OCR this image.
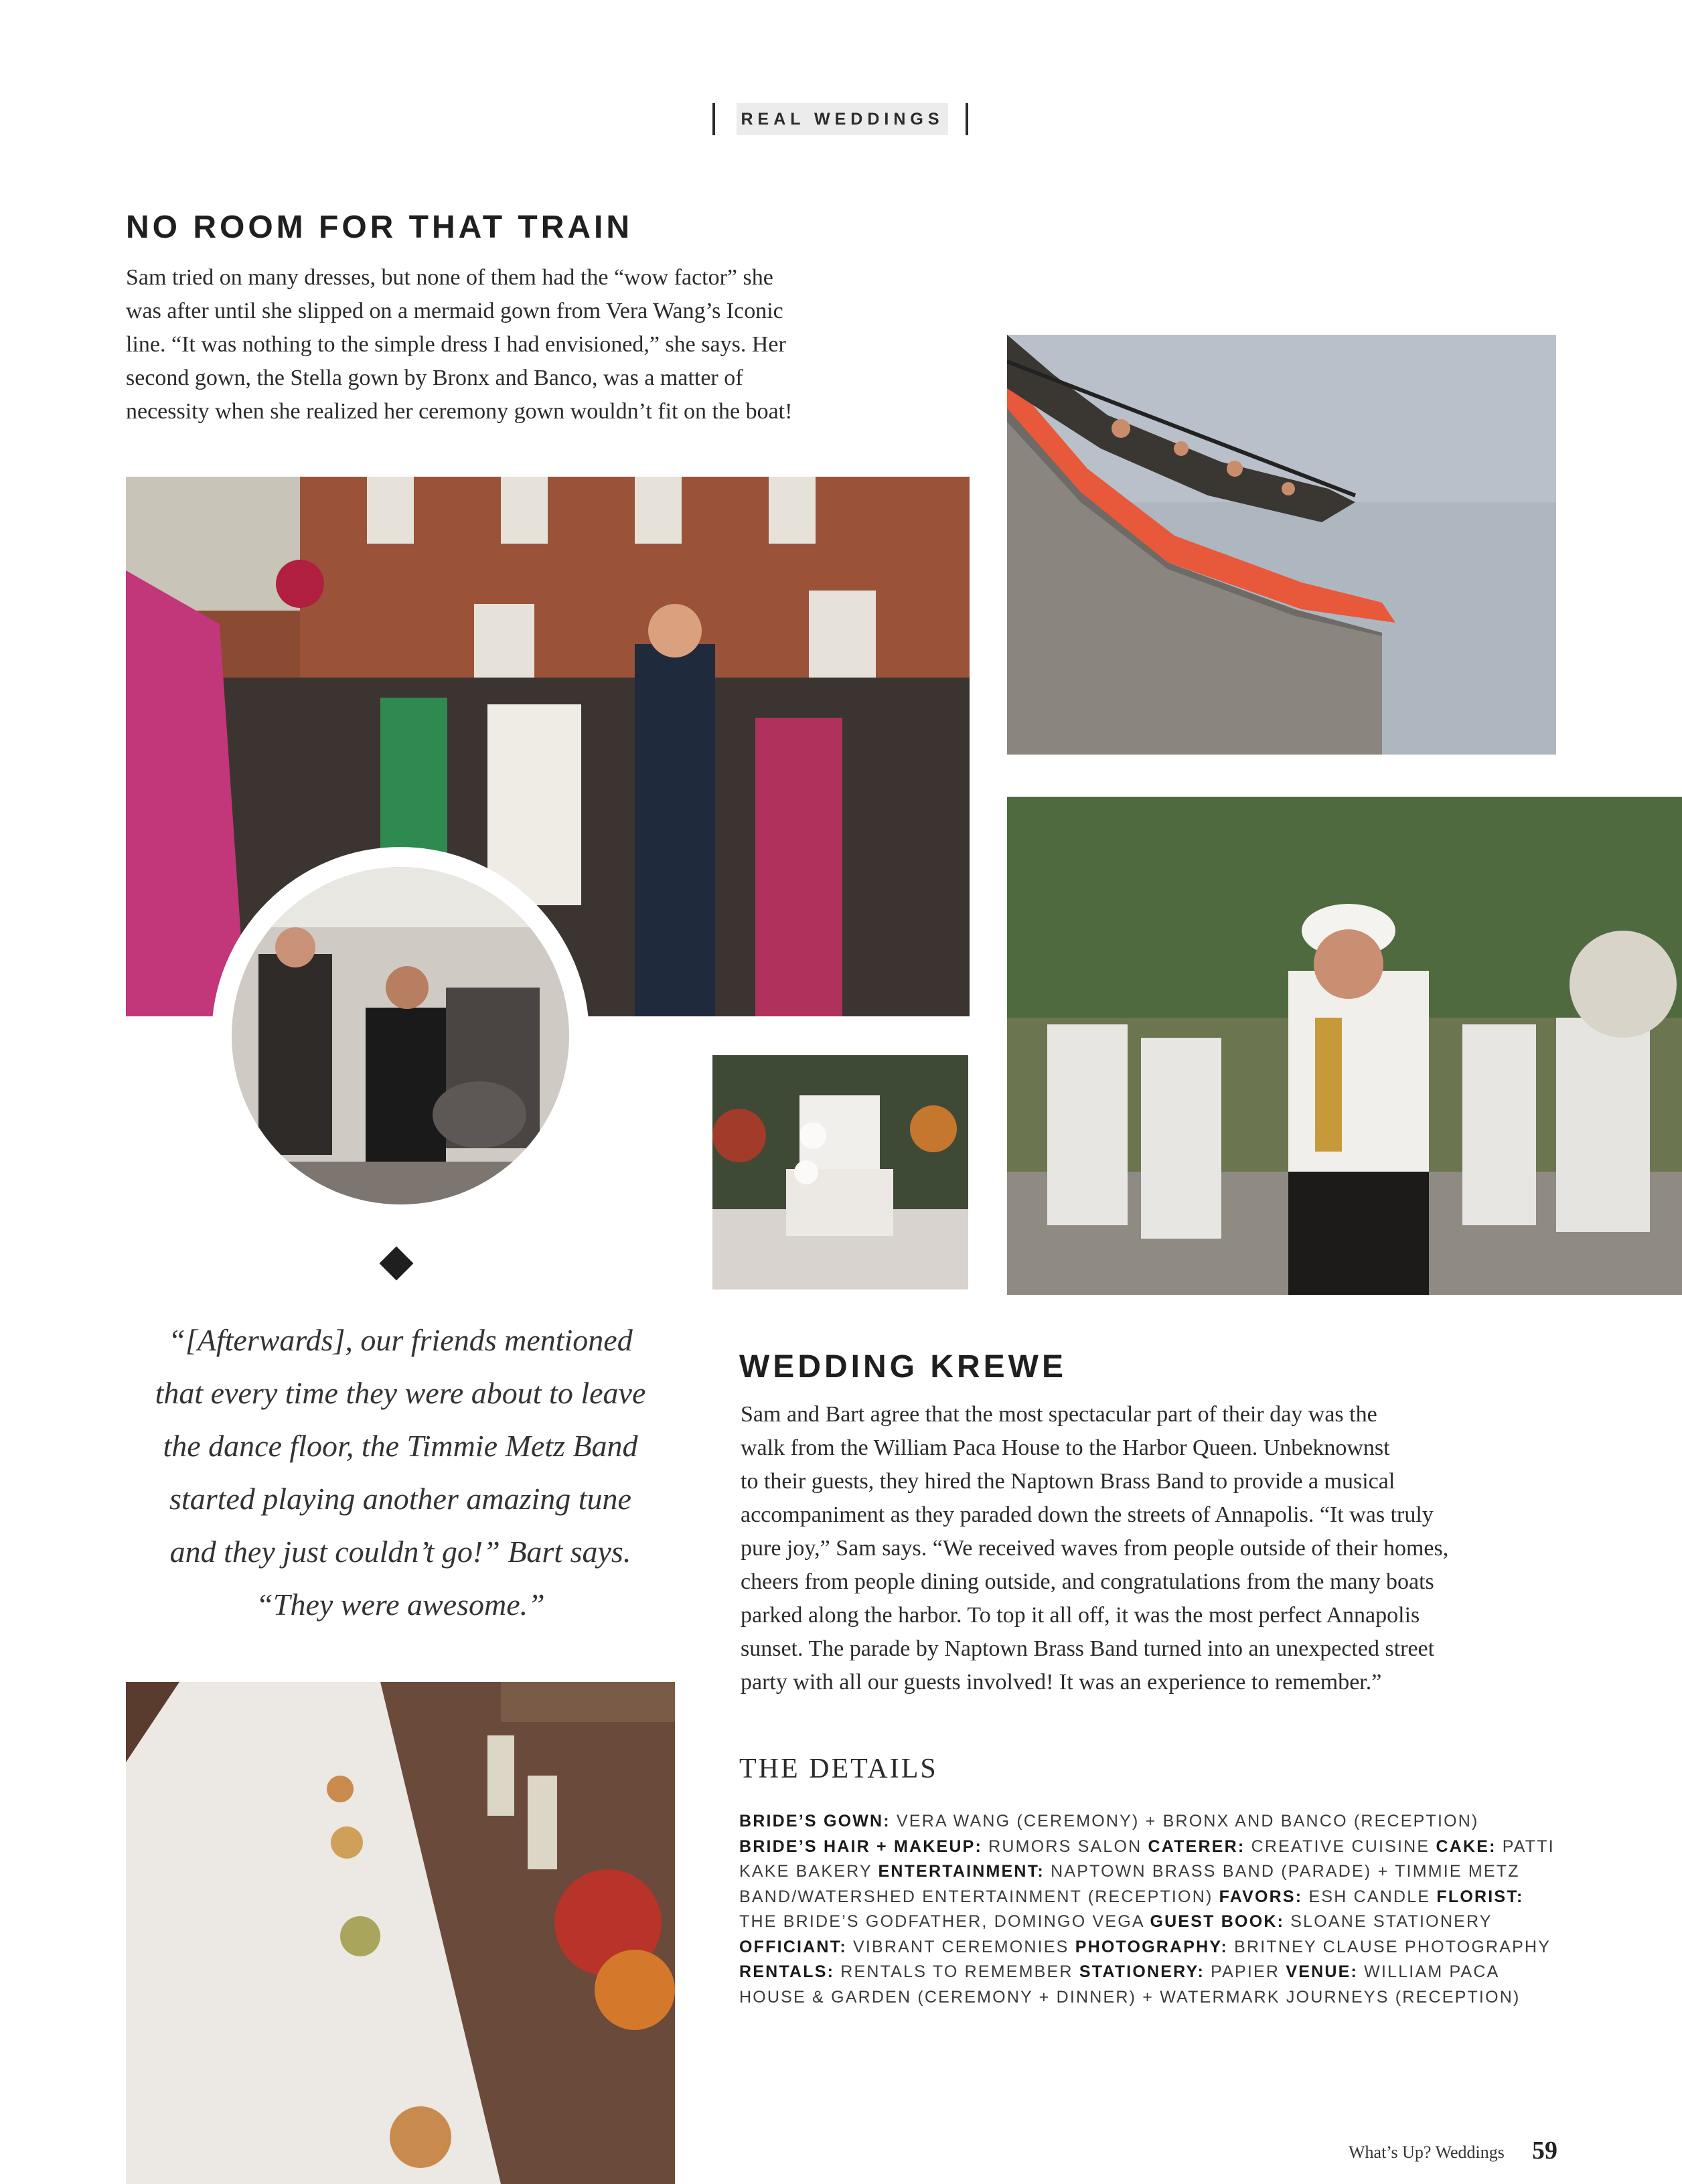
REAL WEDDINGS
NO ROOM FOR THAT TRAIN

Sam tried on many dresses, but none of them had the “wow factor” she

was after until she slipped on a mermaid gown from Vera Wang’s Iconic

line. “It was nothing to the simple dress I had envisioned,” she says. Her

second gown, the Stella gown by Bronx and Banco, was a matter of

necessity when she realized her ceremony gown wouldn’t fit on the boat!

“[Afterwards], our friends mentioned

that every time they were about to leave

the dance floor, the Timmie Metz Band

started playing another amazing tune

and they just couldn’t go!” Bart says.

“They were awesome.”

WEDDING KREWE

Sam and Bart agree that the most spectacular part of their day was the

walk from the William Paca House to the Harbor Queen. Unbeknownst

to their guests, they hired the Naptown Brass Band to provide a musical

accompaniment as they paraded down the streets of Annapolis. “It was truly

pure joy,” Sam says. “We received waves from people outside of their homes,

cheers from people dining outside, and congratulations from the many boats

parked along the harbor. To top it all off, it was the most perfect Annapolis

sunset. The parade by Naptown Brass Band turned into an unexpected street

party with all our guests involved! It was an experience to remember.”

THE DETAILS
BRIDE’S GOWN: VERA WANG (CEREMONY) + BRONX AND BANCO (RECEPTION)
BRIDE’S HAIR + MAKEUP: RUMORS SALON CATERER: CREATIVE CUISINE CAKE: PATTI
KAKE BAKERY ENTERTAINMENT: NAPTOWN BRASS BAND (PARADE) + TIMMIE METZ
BAND/WATERSHED ENTERTAINMENT (RECEPTION) FAVORS: ESH CANDLE FLORIST:
THE BRIDE’S GODFATHER, DOMINGO VEGA GUEST BOOK: SLOANE STATIONERY
OFFICIANT: VIBRANT CEREMONIES PHOTOGRAPHY: BRITNEY CLAUSE PHOTOGRAPHY
RENTALS: RENTALS TO REMEMBER STATIONERY: PAPIER VENUE: WILLIAM PACA
HOUSE & GARDEN (CEREMONY + DINNER) + WATERMARK JOURNEYS (RECEPTION)
What’s Up? Weddings 59
